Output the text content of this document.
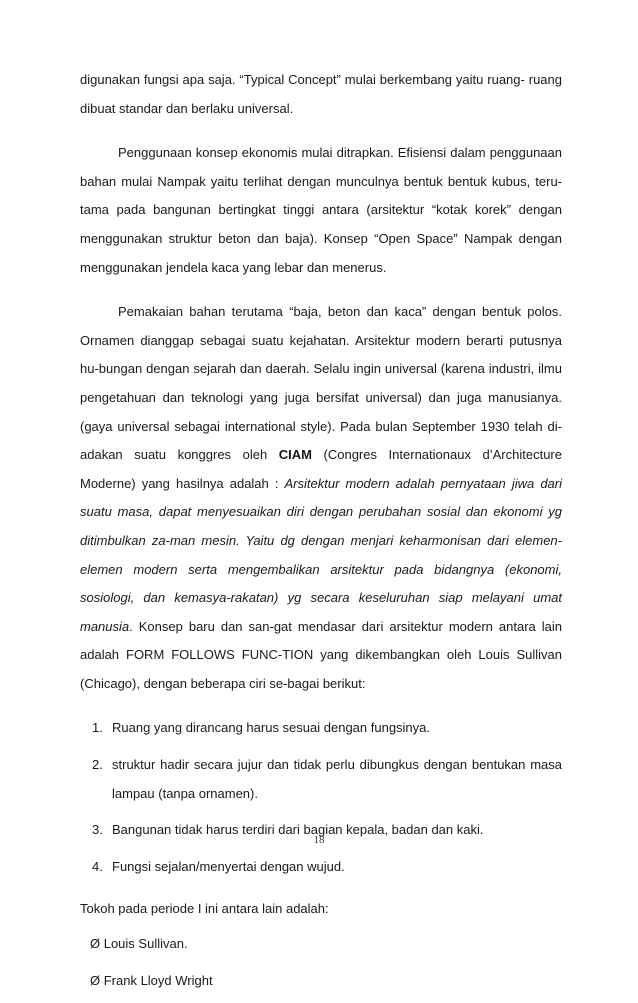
digunakan fungsi apa saja. “Typical Concept” mulai berkembang yaitu ruang- ruang dibuat standar dan berlaku universal.

Penggunaan konsep ekonomis mulai ditrapkan. Efisiensi dalam penggunaan bahan mulai Nampak yaitu terlihat dengan munculnya bentuk bentuk kubus, teru-tama pada bangunan bertingkat tinggi antara (arsitektur “kotak korek” dengan menggunakan struktur beton dan baja). Konsep “Open Space” Nampak dengan menggunakan jendela kaca yang lebar dan menerus.

Pemakaian bahan terutama “baja, beton dan kaca” dengan bentuk polos. Ornamen dianggap sebagai suatu kejahatan. Arsitektur modern berarti putusnya hu-bungan dengan sejarah dan daerah. Selalu ingin universal (karena industri, ilmu pengetahuan dan teknologi yang juga bersifat universal) dan juga manusianya. (gaya universal sebagai international style). Pada bulan September 1930 telah di-adakan suatu konggres oleh CIAM (Congres Internationaux d’Architecture Moderne) yang hasilnya adalah : Arsitektur modern adalah pernyataan jiwa dari suatu masa, dapat menyesuaikan diri dengan perubahan sosial dan ekonomi yg ditimbulkan za-man mesin. Yaitu dg dengan menjari keharmonisan dari elemen-elemen modern serta mengembalikan arsitektur pada bidangnya (ekonomi, sosiologi, dan kemasya-rakatan) yg secara keseluruhan siap melayani umat manusia. Konsep baru dan san-gat mendasar dari arsitektur modern antara lain adalah FORM FOLLOWS FUNC-TION yang dikembangkan oleh Louis Sullivan (Chicago), dengan beberapa ciri se-bagai berikut:

1. Ruang yang dirancang harus sesuai dengan fungsinya.
2. struktur hadir secara jujur dan tidak perlu dibungkus dengan bentukan masa lampau (tanpa ornamen).
3. Bangunan tidak harus terdiri dari bagian kepala, badan dan kaki.
4. Fungsi sejalan/menyertai dengan wujud.

Tokoh pada periode I ini antara lain adalah:

Ø Louis Sullivan.
Ø Frank Lloyd Wright
18
